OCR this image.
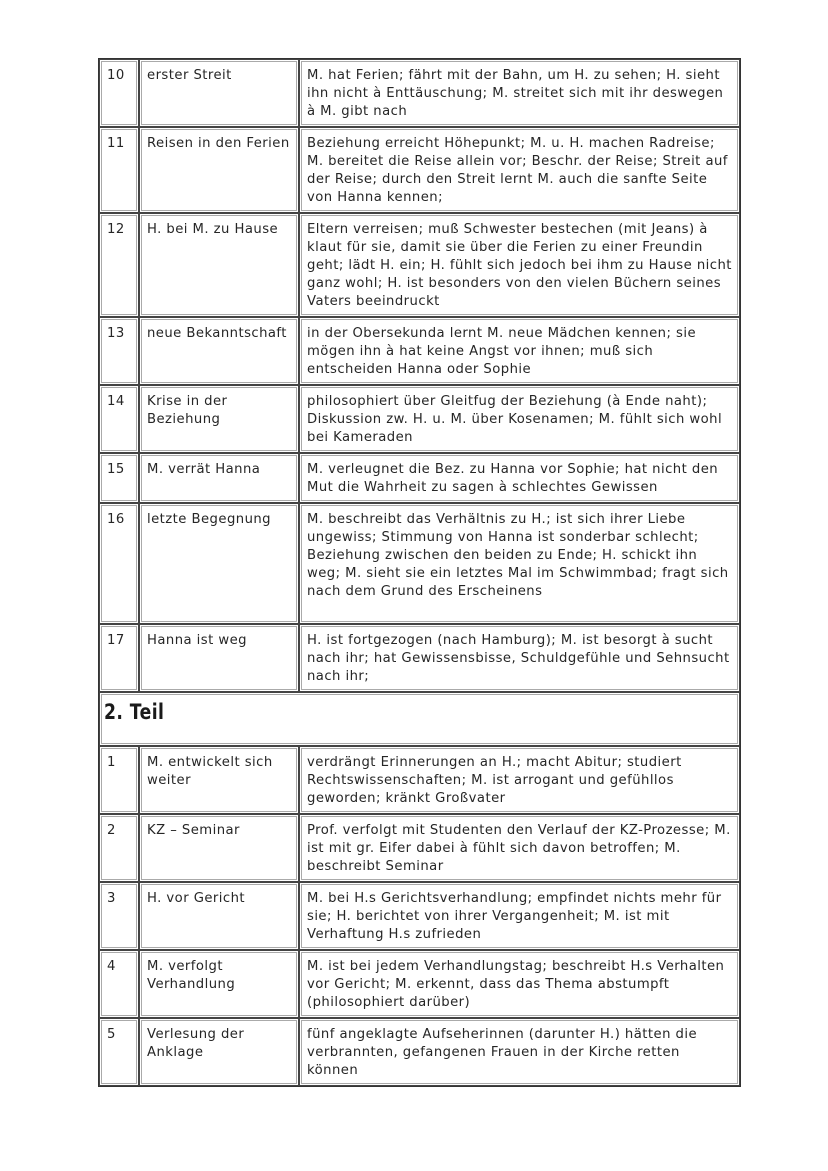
10	erster Streit	M. hat Ferien; fährt mit der Bahn, um H. zu sehen; H. sieht ihn nicht à Enttäuschung; M. streitet sich mit ihr deswegen à M. gibt nach
11	Reisen in den Ferien	Beziehung erreicht Höhepunkt; M. u. H. machen Radreise; M. bereitet die Reise allein vor; Beschr. der Reise; Streit auf der Reise; durch den Streit lernt M. auch die sanfte Seite von Hanna kennen;
12	H. bei M. zu Hause	Eltern verreisen; muß Schwester bestechen (mit Jeans) à klaut für sie, damit sie über die Ferien zu einer Freundin geht; lädt H. ein; H. fühlt sich jedoch bei ihm zu Hause nicht ganz wohl; H. ist besonders von den vielen Büchern seines Vaters beeindruckt
13	neue Bekanntschaft	in der Obersekunda lernt M. neue Mädchen kennen; sie mögen ihn à hat keine Angst vor ihnen; muß sich entscheiden Hanna oder Sophie
14	Krise in der Beziehung	philosophiert über Gleitfug der Beziehung (à Ende naht); Diskussion zw. H. u. M. über Kosenamen; M. fühlt sich wohl bei Kameraden
15	M. verrät Hanna	M. verleugnet die Bez. zu Hanna vor Sophie; hat nicht den Mut die Wahrheit zu sagen à schlechtes Gewissen
16	letzte Begegnung	M. beschreibt das Verhältnis zu H.; ist sich ihrer Liebe ungewiss; Stimmung von Hanna ist sonderbar schlecht; Beziehung zwischen den beiden zu Ende; H. schickt ihn weg; M. sieht sie ein letztes Mal im Schwimmbad; fragt sich nach dem Grund des Erscheinens
17	Hanna ist weg	H. ist fortgezogen (nach Hamburg); M. ist besorgt à sucht nach ihr; hat Gewissensbisse, Schuldgefühle und Sehnsucht nach ihr;
2. Teil		
1	M. entwickelt sich weiter	verdrängt Erinnerungen an H.; macht Abitur; studiert Rechtswissenschaften; M. ist arrogant und gefühllos geworden; kränkt Großvater
2	KZ – Seminar	Prof. verfolgt mit Studenten den Verlauf der KZ-Prozesse; M. ist mit gr. Eifer dabei à fühlt sich davon betroffen; M. beschreibt Seminar
3	H. vor Gericht	M. bei H.s Gerichtsverhandlung; empfindet nichts mehr für sie; H. berichtet von ihrer Vergangenheit; M. ist mit Verhaftung H.s zufrieden
4	M. verfolgt Verhandlung	M. ist bei jedem Verhandlungstag; beschreibt H.s Verhalten vor Gericht; M. erkennt, dass das Thema abstumpft (philosophiert darüber)
5	Verlesung der Anklage	fünf angeklagte Aufseherinnen (darunter H.) hätten die verbrannten, gefangenen Frauen in der Kirche retten können
